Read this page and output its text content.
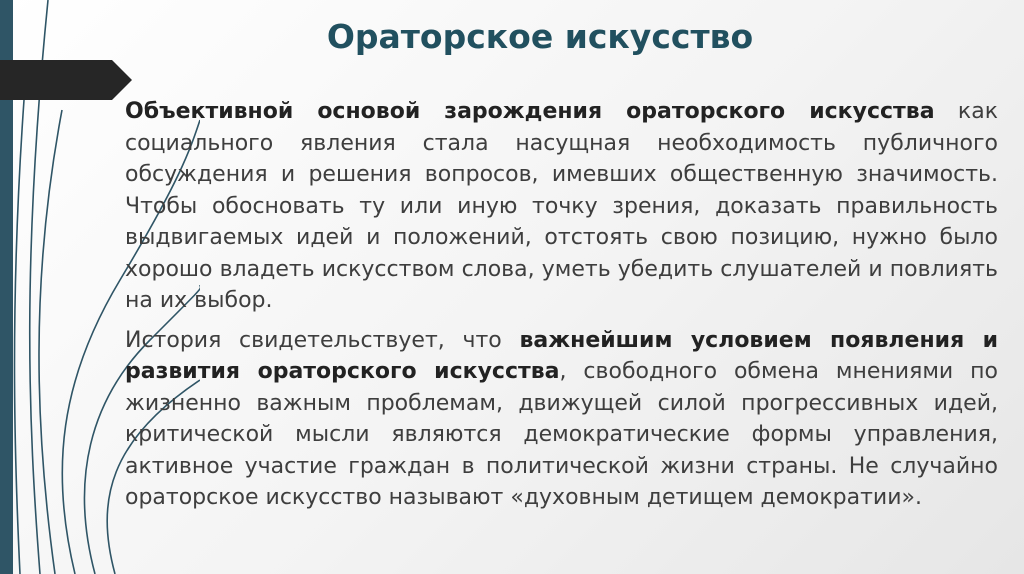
Ораторское искусство

Объективной основой зарождения ораторского искусства как социального явления стала насущная необходимость публичного обсуждения и решения вопросов, имевших общественную значимость. Чтобы обосновать ту или иную точку зрения, доказать правильность выдвигаемых идей и положений, отстоять свою позицию, нужно было хорошо владеть искусством слова, уметь убедить слушателей и повлиять на их выбор.

История свидетельствует, что важнейшим условием появления и развития ораторского искусства, свободного обмена мнениями по жизненно важным проблемам, движущей силой прогрессивных идей, критической мысли являются демократические формы управления, активное участие граждан в политической жизни страны. Не случайно ораторское искусство называют «духовным детищем демократии».
